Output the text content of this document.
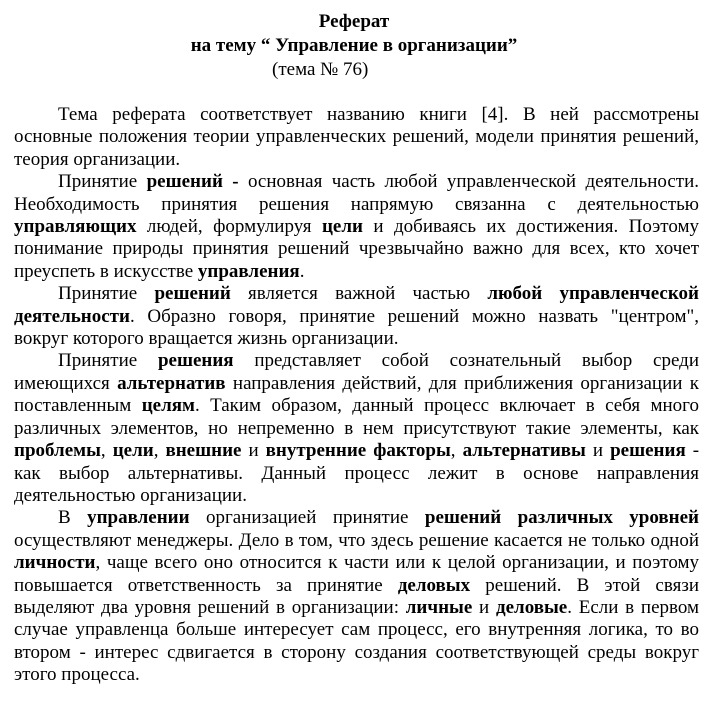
Реферат
на тему “ Управление в организации”
(тема № 76)

Тема реферата соответствует названию книги [4]. В ней рассмотрены основные положения теории управленческих решений, модели принятия решений, теория организации.

Принятие решений - основная часть любой управленческой деятельности. Необходимость принятия решения напрямую связанна с деятельностью управляющих людей, формулируя цели и добиваясь их достижения. Поэтому понимание природы принятия решений чрезвычайно важно для всех, кто хочет преуспеть в искусстве управления.

Принятие решений является важной частью любой управленческой деятельности. Образно говоря, принятие решений можно назвать "центром", вокруг которого вращается жизнь организации.

Принятие решения представляет собой сознательный выбор среди имеющихся альтернатив направления действий, для приближения организации к поставленным целям. Таким образом, данный процесс включает в себя много различных элементов, но непременно в нем присутствуют такие элементы, как проблемы, цели, внешние и внутренние факторы, альтернативы и решения - как выбор альтернативы. Данный процесс лежит в основе направления деятельностью организации.

В управлении организацией принятие решений различных уровней осуществляют менеджеры. Дело в том, что здесь решение касается не только одной личности, чаще всего оно относится к части или к целой организации, и поэтому повышается ответственность за принятие деловых решений. В этой связи выделяют два уровня решений в организации: личные и деловые. Если в первом случае управленца больше интересует сам процесс, его внутренняя логика, то во втором - интерес сдвигается в сторону создания соответствующей среды вокруг этого процесса.
